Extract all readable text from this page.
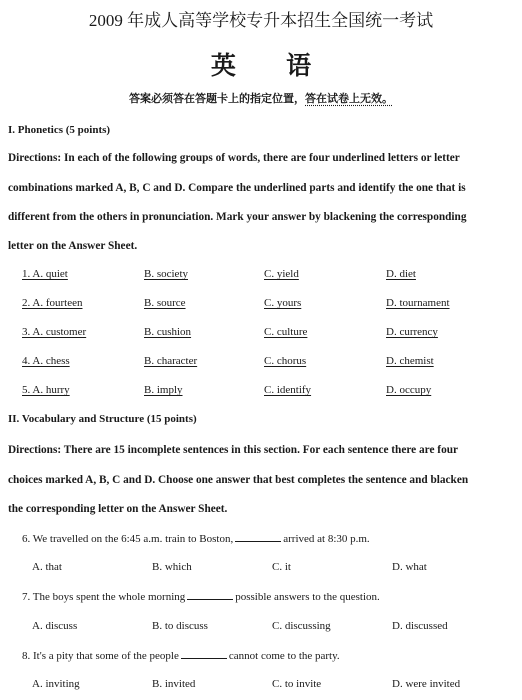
2009 年成人高等学校专升本招生全国统一考试
英 语
答案必须答在答题卡上的指定位置，答在试卷上无效。
I. Phonetics (5 points)
Directions: In each of the following groups of words, there are four underlined letters or letter
combinations marked A, B, C and D. Compare the underlined parts and identify the one that is
different from the others in pronunciation. Mark your answer by blackening the corresponding
letter on the Answer Sheet.
1. A. quiet	B. society	C. yield	D. diet
2. A. fourteen	B. source	C. yours	D. tournament
3. A. customer	B. cushion	C. culture	D. currency
4. A. chess	B. character	C. chorus	D. chemist
5. A. hurry	B. imply	C. identify	D. occupy
II. Vocabulary and Structure (15 points)
Directions: There are 15 incomplete sentences in this section. For each sentence there are four
choices marked A, B, C and D. Choose one answer that best completes the sentence and blacken
the corresponding letter on the Answer Sheet.
6. We travelled on the 6:45 a.m. train to Boston,	arrived at 8:30 p.m.
A. that	B. which	C. it	D. what
7. The boys spent the whole morning	possible answers to the question.
A. discuss	B. to discuss	C. discussing	D. discussed
8. It's a pity that some of the people	cannot come to the party.
A. inviting	B. invited	C. to invite	D. were invited
